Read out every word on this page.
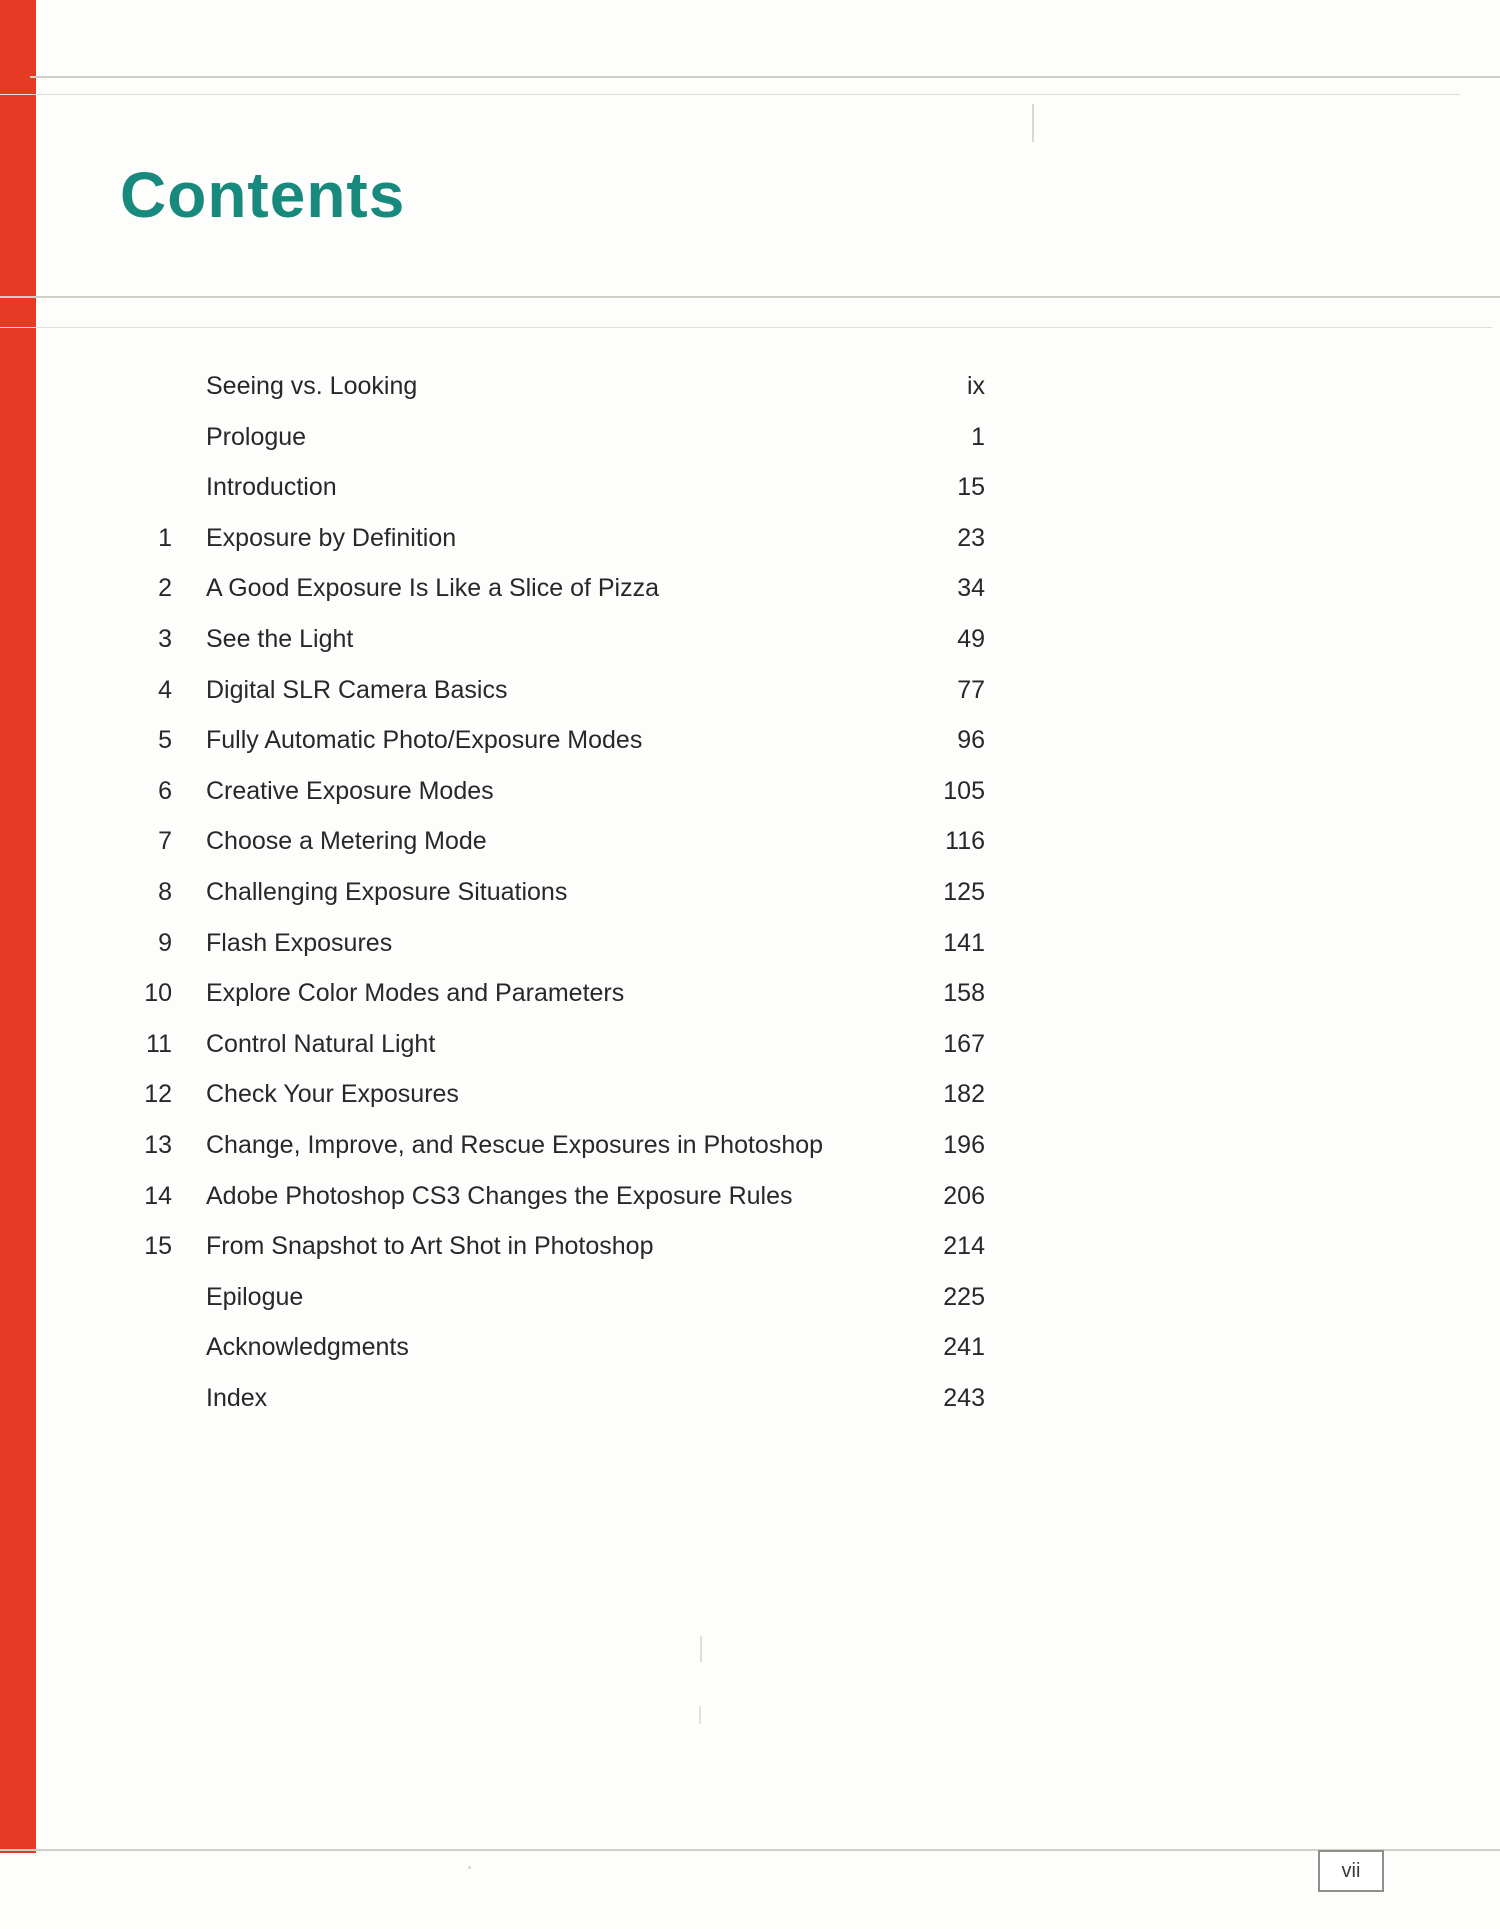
Contents
Seeing vs. Looking	ix
Prologue	1
Introduction	15
1 Exposure by Definition	23
2 A Good Exposure Is Like a Slice of Pizza	34
3 See the Light	49
4 Digital SLR Camera Basics	77
5 Fully Automatic Photo/Exposure Modes	96
6 Creative Exposure Modes	105
7 Choose a Metering Mode	116
8 Challenging Exposure Situations	125
9 Flash Exposures	141
10 Explore Color Modes and Parameters	158
11 Control Natural Light	167
12 Check Your Exposures	182
13 Change, Improve, and Rescue Exposures in Photoshop	196
14 Adobe Photoshop CS3 Changes the Exposure Rules	206
15 From Snapshot to Art Shot in Photoshop	214
Epilogue	225
Acknowledgments	241
Index	243
vii
